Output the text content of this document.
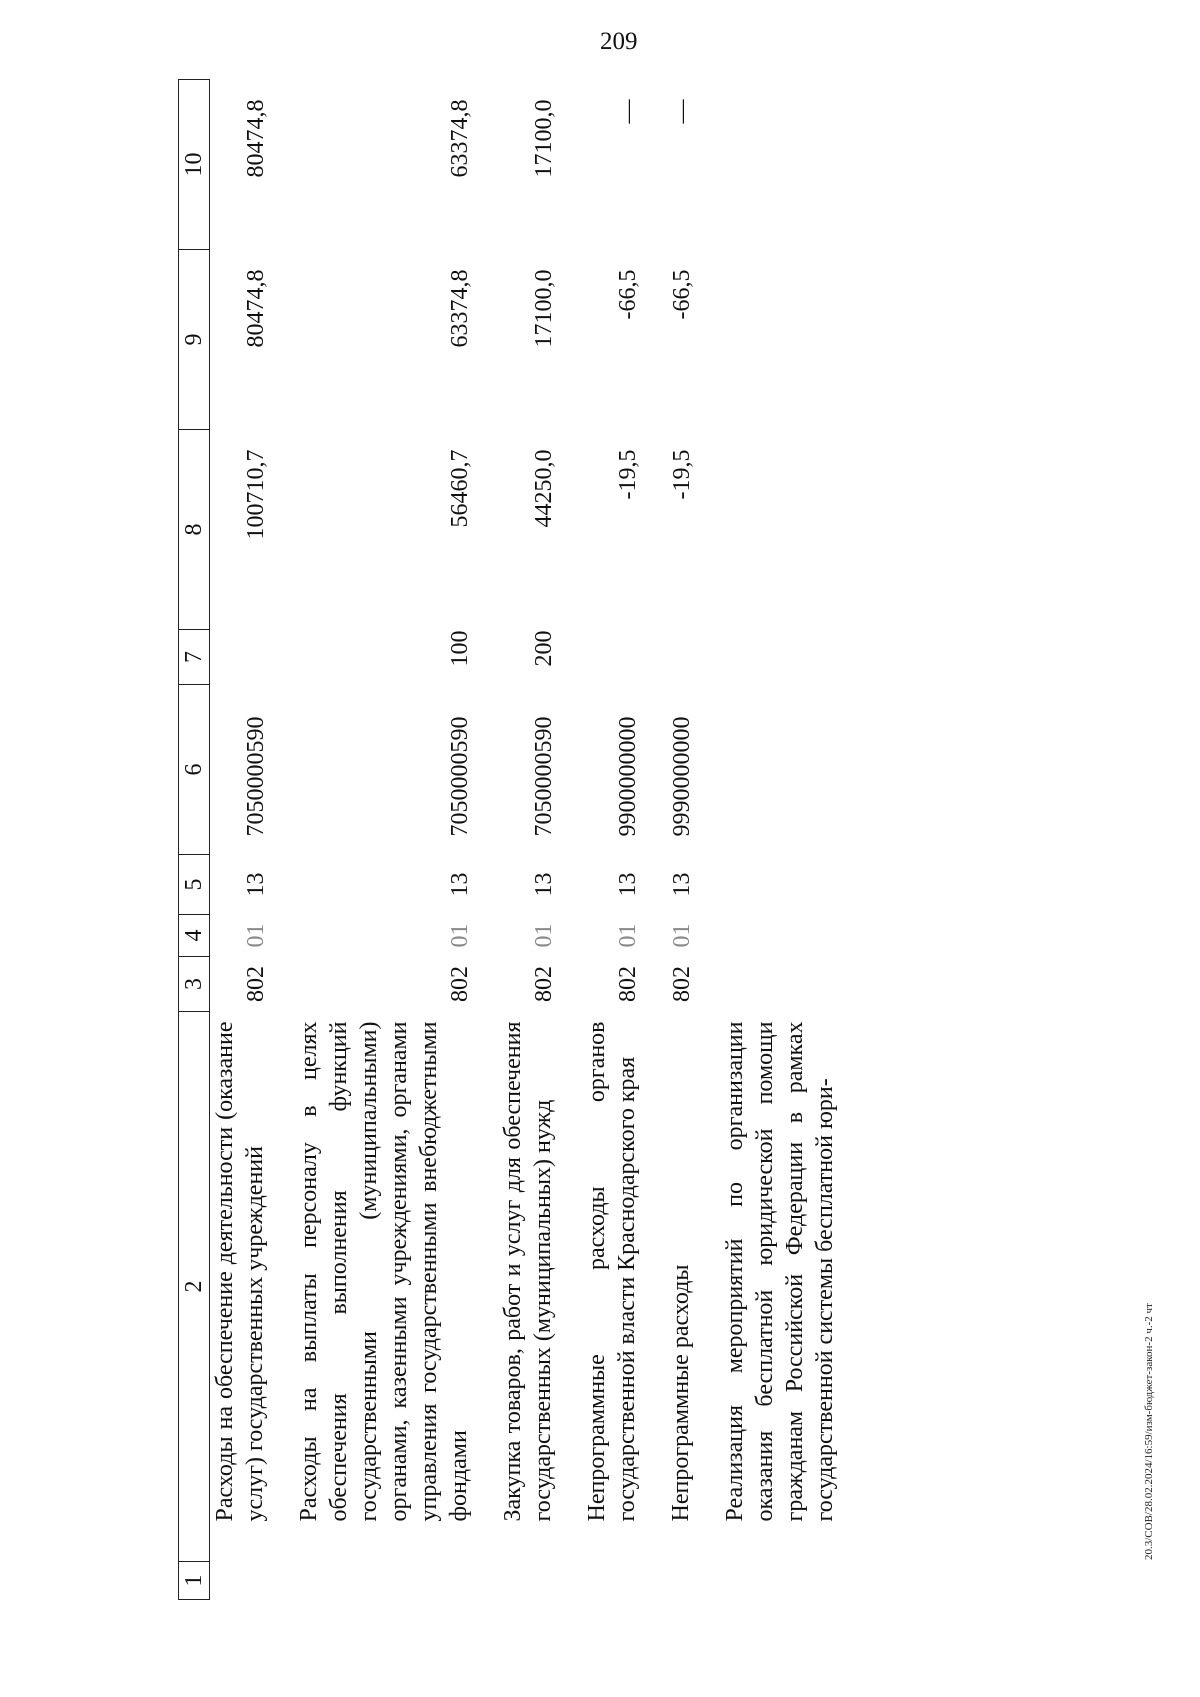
209
1	2	3	4	5	6	7	8	9	10
	Расходы на обеспечение деятельности (оказание услуг) государственных учреждений	802	01	13	7050000590		100710,7	80474,8	80474,8

	Расходы на выплаты персоналу в целях обеспечения выполнения функций государственными (муниципальными) органами, казенными учреждениями, органами управления государственными внебюджетными фондами	802	01	13	7050000590	100	56460,7	63374,8	63374,8

	Закупка товаров, работ и услуг для обеспечения государственных (муниципальных) нужд	802	01	13	7050000590	200	44250,0	17100,0	17100,0

	Непрограммные расходы органов государственной власти Краснодарского края	802	01	13	9900000000		-19,5	-66,5	—

	Непрограммные расходы	802	01	13	9990000000		-19,5	-66,5	—

	Реализация мероприятий по организации оказания бесплатной юридической помощи гражданам Российской Федерации в рамках государственной системы бесплатной юри-									20.3/СОВ/28.02.2024/16:59/изм-бюджет-закон-2 ч.-2 чт
